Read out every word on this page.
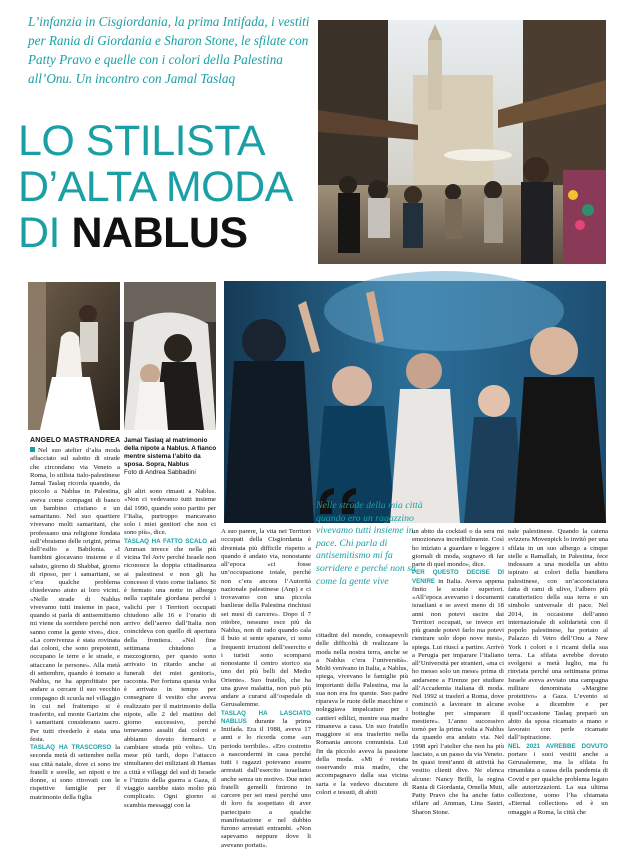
L’infanzia in Cisgiordania, la prima Intifada, i vestiti per Rania di Giordania e Sharon Stone, le sfilate con Patty Pravo e quelle con i colori della Palestina all’Onu. Un incontro con Jamal Taslaq
LO STILISTA
D’ALTA MODA
DI NABLUS
ANGELO MASTRANDREA Jamal Taslaq al matrimonio della nipote a Nablus. A fianco mentre sistema l’abito da sposa. Sopra, Nablus
Foto di Andrea Sabbadini

Nel suo atelier d’alta moda affacciato sul salotto di strade che circondano via Veneto a Roma, lo stilista italo-palestinese Jamal Taslaq ricorda quando, da piccolo a Nablus in Palestina, aveva come compagni di banco un bambino cristiano e un samaritano. Nel suo quartiere vivevano molti samaritani, che professano una religione fondata sull’ebraismo delle origini, prima dell’esilio a Babilonia. «I bambini giocavano insieme e il sabato, giorno di Shabbat, giorno di riposo, per i samaritani, se c’era qualche problema chiedevano aiuto ai loro vicini. «Nelle strade di Nablus vivevamo tutti insieme in pace, quando si parla di antisemitismo mi viene da sorridere perché non sanno come la gente vive», dice. «La convivenza è stata rovinata dai coloni, che sono prepotenti, occupano le terre e le strade, e attaccano le persone». Alla metà di settembre, quando è tornato a Nablus, ne ha approfittato per andare a cercare il suo vecchio compagno di scuola nel villaggio in cui nel frattempo si è trasferito, sul monte Garizim che i samaritani considerano sacro. Per tutti rivederlo è stata una festa.

TASLAQ HA TRASCORSO la seconda metà di settembre nella sua città natale, dove ci sono tre fratelli e sorelle, sei nipoti e tre donne, si sono ritrovati con le rispettive famiglie per il matrimonio della figlia

gli altri sono rimasti a Nablus. «Non ci vedevamo tutti insieme dal 1990, quando sono partito per l’Italia, purtroppo mancavano solo i miei genitori che non ci sono più», dice.

TASLAQ HA FATTO SCALO ad Amman invece che nella più vicina Tel Aviv perché Israele non riconosce la doppia cittadinanza ai palestinesi e non gli ha concesso il visto come italiano. Si è fermato una notte in albergo nella capitale giordana perché i valichi per i Territori occupati chiudono alle 16 e l’orario di arrivo dell’aereo dall’Italia non coincideva con quello di apertura della frontiera. «Nel fine settimana chiudono a mezzogiorno, per questo sono arrivato in ritardo anche ai funerali dei miei genitori», racconta. Per fortuna questa volta è arrivato in tempo per consegnare il vestito che aveva realizzato per il matrimonio della nipote, alle 2 del mattino del giorno successivo, perché temevamo assalti dai coloni e abbiamo dovuto fermarci e cambiare strada più volte». Un mese più tardi, dopo l’attacco simultaneo dei miliziani di Hamas a città e villaggi del sud di Israele e l’inizio della guerra a Gaza, il viaggio sarebbe stato molto più complicato. Ogni giorno si scambia messaggi con la

A suo parere, la vita nei Territori occupati della Cisgiordania è diventata più difficile rispetto a quando è andato via, nonostante all’epoca «ci fosse un’occupazione totale, perché non c’era ancora l’Autorità nazionale palestinese (Anp) e ci trovavamo con una piccola banlieue della Palestina rinchiusi sei mesi di carcere». Dopo il 7 ottobre, nessuno esce più da Nablus, non di rado quando cala il buio si sente sparare, ci sono frequenti irruzioni dell’esercito e i turisti sono scomparsi nonostante il centro storico sia uno dei più belli del Medio Oriente». Suo fratello, che ha una grave malattia, non può più andare a curarsi all’ospedale di Gerusalemme.

TASLAQ HA LASCIATO NABLUS durante la prima Intifada. Era il 1988, aveva 17 anni e lo ricorda come «un periodo terribile». «Ero costretto a nascondermi in casa perché tutti i ragazzi potevano essere arrestati dall’esercito israeliano anche senza un motivo. Due miei fratelli gemelli finirono in carcere per sei mesi perché uno di loro fu sospettato di aver partecipato a qualche manifestazione e nel dubbio furono arrestati entrambi. «Non sapevamo neppure dove li avevano portati».

Nelle strade della mia città quando ero un ragazzino vivevamo tutti insieme in pace. Chi parla di antisemitismo mi fa sorridere e perché non sa come la gente vive

cittadini del mondo, consapevoli delle difficoltà di realizzare la moda nella nostra terra, anche se a Nablus c’era l’università». Molti venivano in Italia, a Nablus, spiega, vivevano le famiglie più importanti della Palestina, ma la sua non era fra queste. Suo padre riparava le ruote delle macchine e noleggiava impalcature per i cantieri edilizi, mentre sua madre rimaneva a casa. Un suo fratello maggiore si era trasferito nella Romania ancora comunista. Lui fin da piccolo aveva la passione della moda. «Mi é restata osservando mia madre, che accompagnavo dalla sua vicina sarta e la vedevo discutere di colori e tessuti, di abiti

un abito da cocktail o da sera mi emozionava incredibilmente. Così ho iniziato a guardare e leggere i giornali di moda, sognavo di far parte di quel mondo», dice.

PER QUESTO DECISE DI VENIRE in Italia. Aveva appena finito le scuole superiori. «All’epoca avevamo i documenti israeliani e se avevi meno di 18 anni non potevi uscire dai Territori occupati, se invece eri più grande potevi farlo ma potevi rientrare solo dopo nove mesi», spiega. Lui riuscì a partire. Arrivò a Perugia per imparare l’italiano all’Università per stranieri, «ma ci ho messo solo un mese» prima di andarsene a Firenze per studiare all’Accademia italiana di moda. Nel 1992 si trasferì a Roma, dove cominciò a lavorare in alcune botteghe per «imparare il mestiere». L’anno successivo tornò per la prima volta a Nablus da quando era andato via. Nel 1998 aprì l’atelier che non ha più lasciato, a un passo da via Veneto. In quasi trent’anni di attività ha vestito clienti dive. Ne elenca alcune: Nancy Brilli, la regina Rania di Giordania, Ornella Muti, Patty Pravo che ha anche fatto sfilare ad Amman, Lina Sastri, Sharon Stone.

nale palestinese. Quando la catena svizzera Movenpick lo invitò per una sfilata in un suo albergo a cinque stelle a Ramallah, in Palestina, fece indossare a una modella un abito ispirato ai colori della bandiera palestinese, con un’acconciatura fatta di rami di ulivo, l’albero più caratteristico della sua terra e un simbolo universale di pace. Nel 2014, in occasione dell’anno internazionale di solidarietà con il popolo palestinese, ha portato al Palazzo di Vetro dell’Onu a New York i colori e i ricami della sua terra. La sfilata avrebbe dovuto svolgersi a metà luglio, ma fu rinviata perché una settimana prima Israele aveva avviato una campagna militare denominata «Margine protettivo» a Gaza. L’evento si svolse a dicembre e per quell’occasione Taslaq preparò un abito da sposa ricamato a mano e lavorato con perle ricamate dall’ispirazione.

NEL 2021 AVREBBE DOVUTO portare i suoi vestiti anche a Gerusalemme, ma la sfilata fu rimandata a causa della pandemia di Covid e per qualche problema legato alle autorizzazioni. La sua ultima collezione, uomo l’ha chiamata «Eternal collection» ed è un omaggio a Roma, la città che
